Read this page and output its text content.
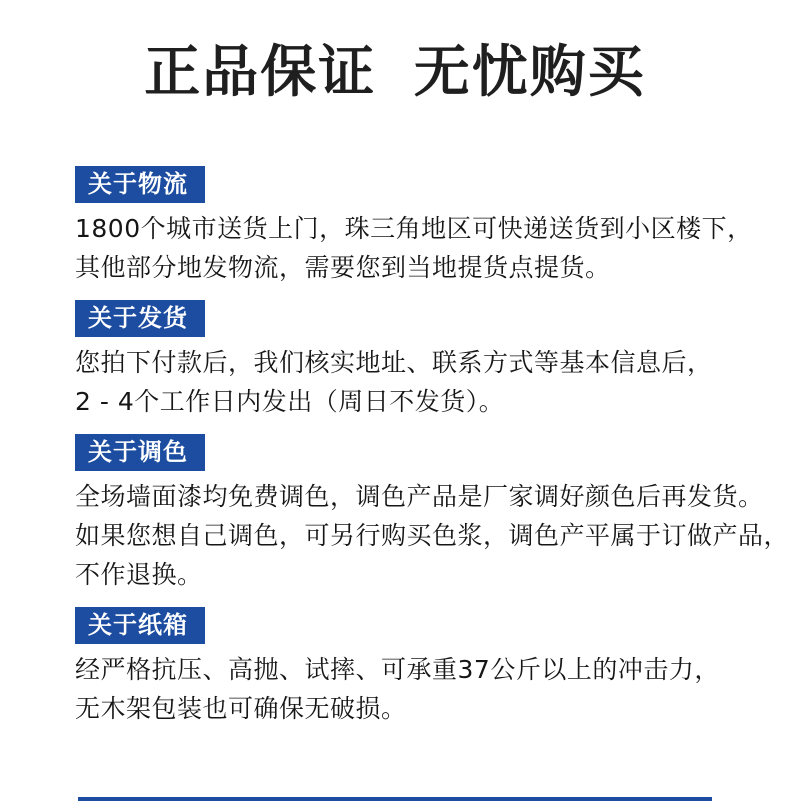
正品保证 无忧购买
关于物流

1800个城市送货上门，珠三角地区可快递送货到小区楼下，

其他部分地发物流，需要您到当地提货点提货。

关于发货

您拍下付款后，我们核实地址、联系方式等基本信息后，

2 - 4个工作日内发出（周日不发货）。

关于调色

全场墙面漆均免费调色，调色产品是厂家调好颜色后再发货。

如果您想自己调色，可另行购买色浆，调色产平属于订做产品，

不作退换。

关于纸箱

经严格抗压、高抛、试摔、可承重37公斤以上的冲击力，

无木架包装也可确保无破损。
